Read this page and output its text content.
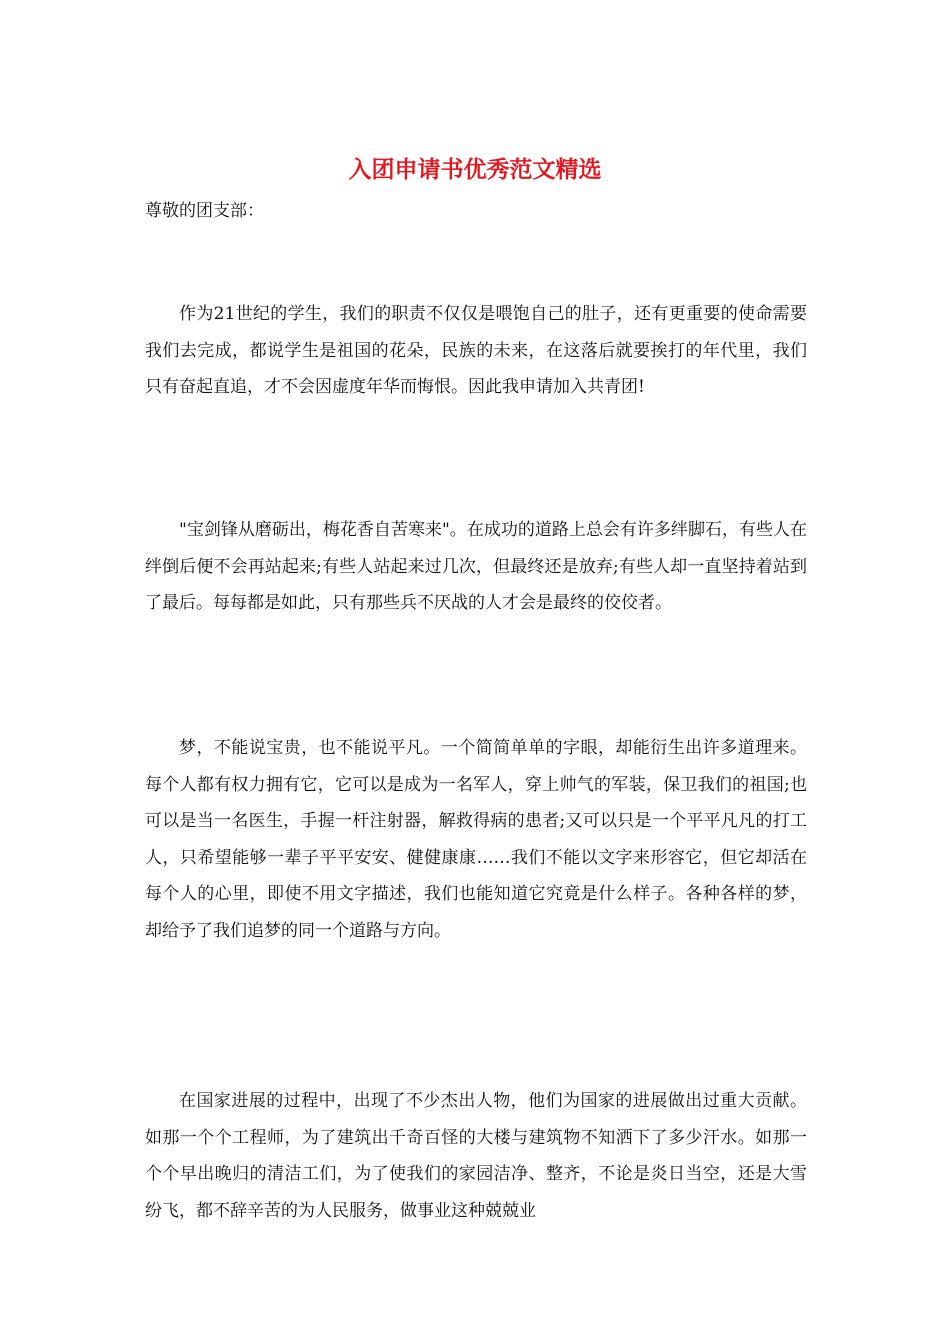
入团申请书优秀范文精选

尊敬的团支部：

作为21世纪的学生，我们的职责不仅仅是喂饱自己的肚子，还有更重要的使命需要我们去完成，都说学生是祖国的花朵，民族的未来，在这落后就要挨打的年代里，我们只有奋起直追，才不会因虚度年华而悔恨。因此我申请加入共青团!

"宝剑锋从磨砺出，梅花香自苦寒来"。在成功的道路上总会有许多绊脚石，有些人在绊倒后便不会再站起来;有些人站起来过几次，但最终还是放弃;有些人却一直坚持着站到了最后。每每都是如此，只有那些兵不厌战的人才会是最终的佼佼者。

梦，不能说宝贵，也不能说平凡。一个简简单单的字眼，却能衍生出许多道理来。每个人都有权力拥有它，它可以是成为一名军人，穿上帅气的军装，保卫我们的祖国;也可以是当一名医生，手握一杆注射器，解救得病的患者;又可以只是一个平平凡凡的打工人，只希望能够一辈子平平安安、健健康康……我们不能以文字来形容它，但它却活在每个人的心里，即使不用文字描述，我们也能知道它究竟是什么样子。各种各样的梦，却给予了我们追梦的同一个道路与方向。

在国家进展的过程中，出现了不少杰出人物，他们为国家的进展做出过重大贡献。如那一个个工程师，为了建筑出千奇百怪的大楼与建筑物不知洒下了多少汗水。如那一个个早出晚归的清洁工们，为了使我们的家园洁净、整齐，不论是炎日当空，还是大雪纷飞，都不辞辛苦的为人民服务，做事业这种兢兢业
